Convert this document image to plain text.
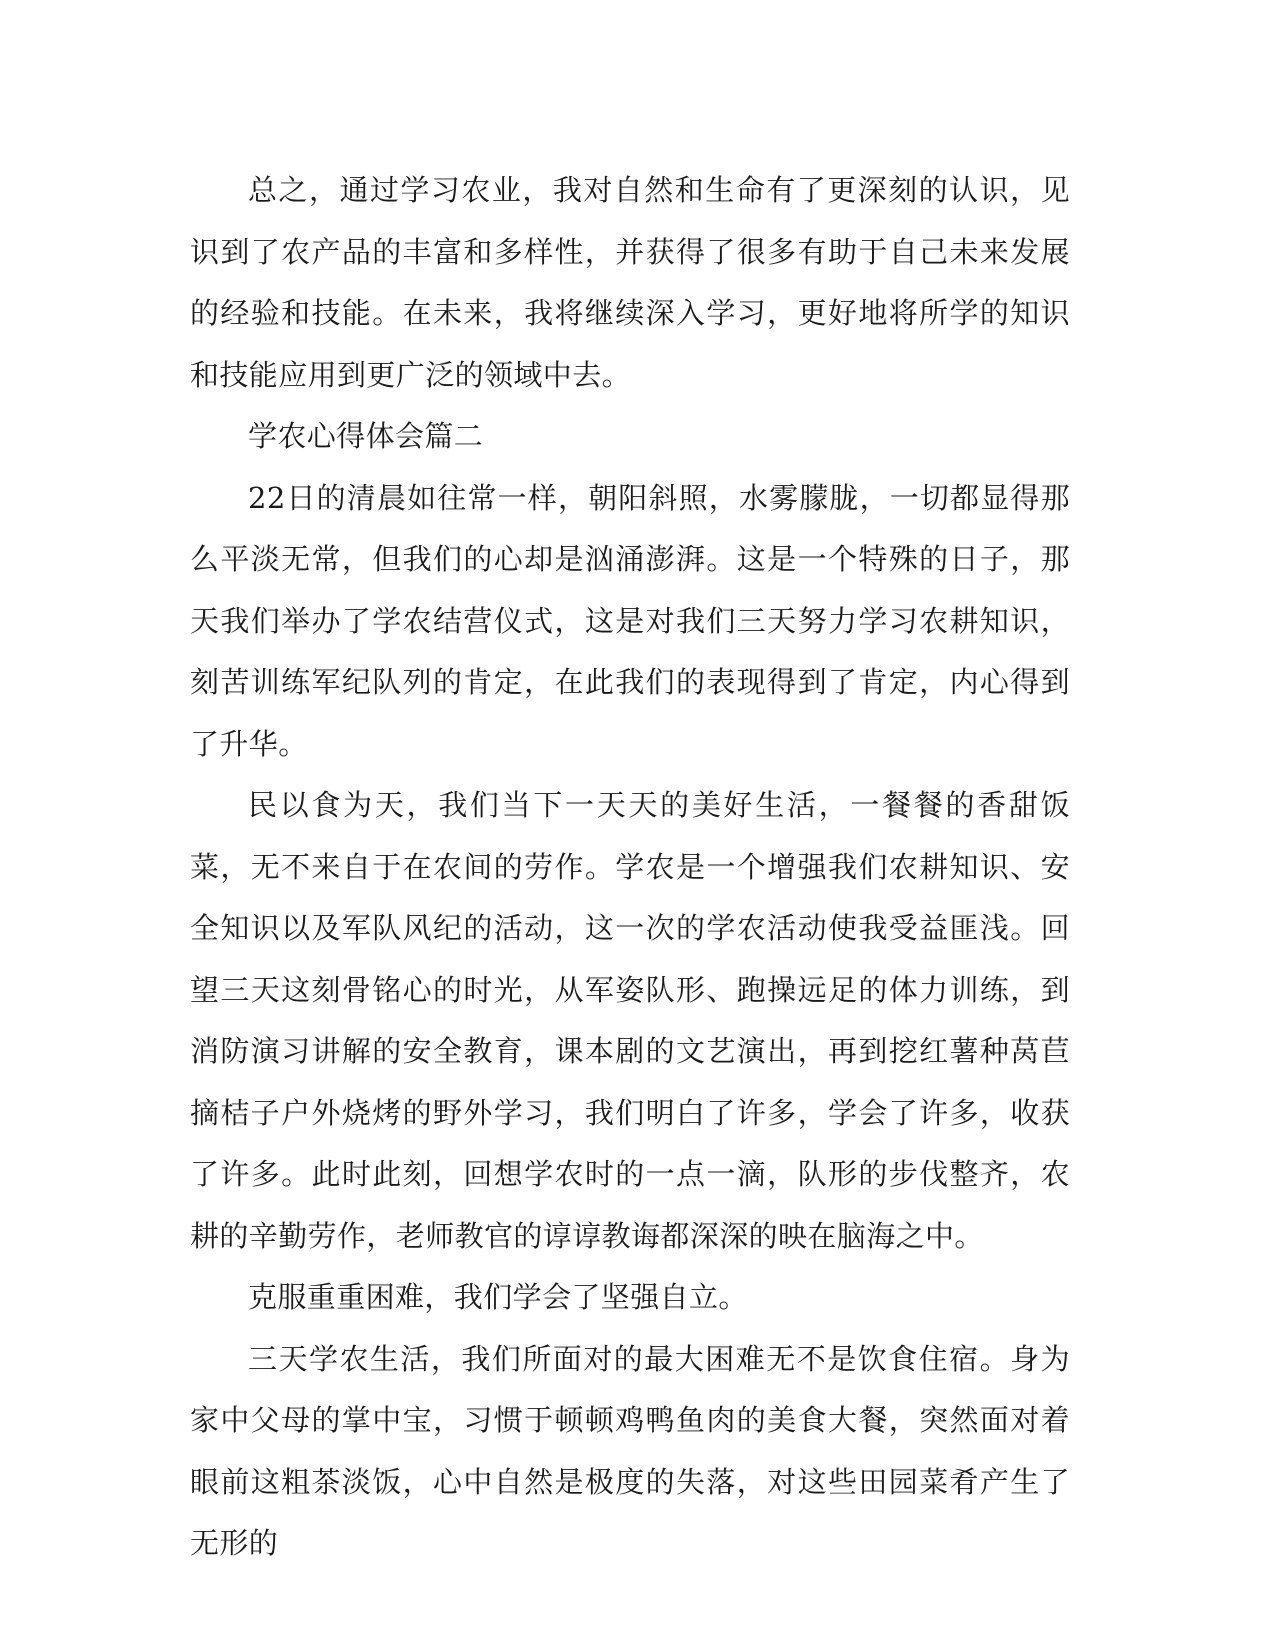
总之，通过学习农业，我对自然和生命有了更深刻的认识，见识到了农产品的丰富和多样性，并获得了很多有助于自己未来发展的经验和技能。在未来，我将继续深入学习，更好地将所学的知识和技能应用到更广泛的领域中去。

学农心得体会篇二

22日的清晨如往常一样，朝阳斜照，水雾朦胧，一切都显得那么平淡无常，但我们的心却是汹涌澎湃。这是一个特殊的日子，那天我们举办了学农结营仪式，这是对我们三天努力学习农耕知识，刻苦训练军纪队列的肯定，在此我们的表现得到了肯定，内心得到了升华。

民以食为天，我们当下一天天的美好生活，一餐餐的香甜饭菜，无不来自于在农间的劳作。学农是一个增强我们农耕知识、安全知识以及军队风纪的活动，这一次的学农活动使我受益匪浅。回望三天这刻骨铭心的时光，从军姿队形、跑操远足的体力训练，到消防演习讲解的安全教育，课本剧的文艺演出，再到挖红薯种莴苣摘桔子户外烧烤的野外学习，我们明白了许多，学会了许多，收获了许多。此时此刻，回想学农时的一点一滴，队形的步伐整齐，农耕的辛勤劳作，老师教官的谆谆教诲都深深的映在脑海之中。

克服重重困难，我们学会了坚强自立。

三天学农生活，我们所面对的最大困难无不是饮食住宿。身为家中父母的掌中宝，习惯于顿顿鸡鸭鱼肉的美食大餐，突然面对着眼前这粗茶淡饭，心中自然是极度的失落，对这些田园菜肴产生了无形的
